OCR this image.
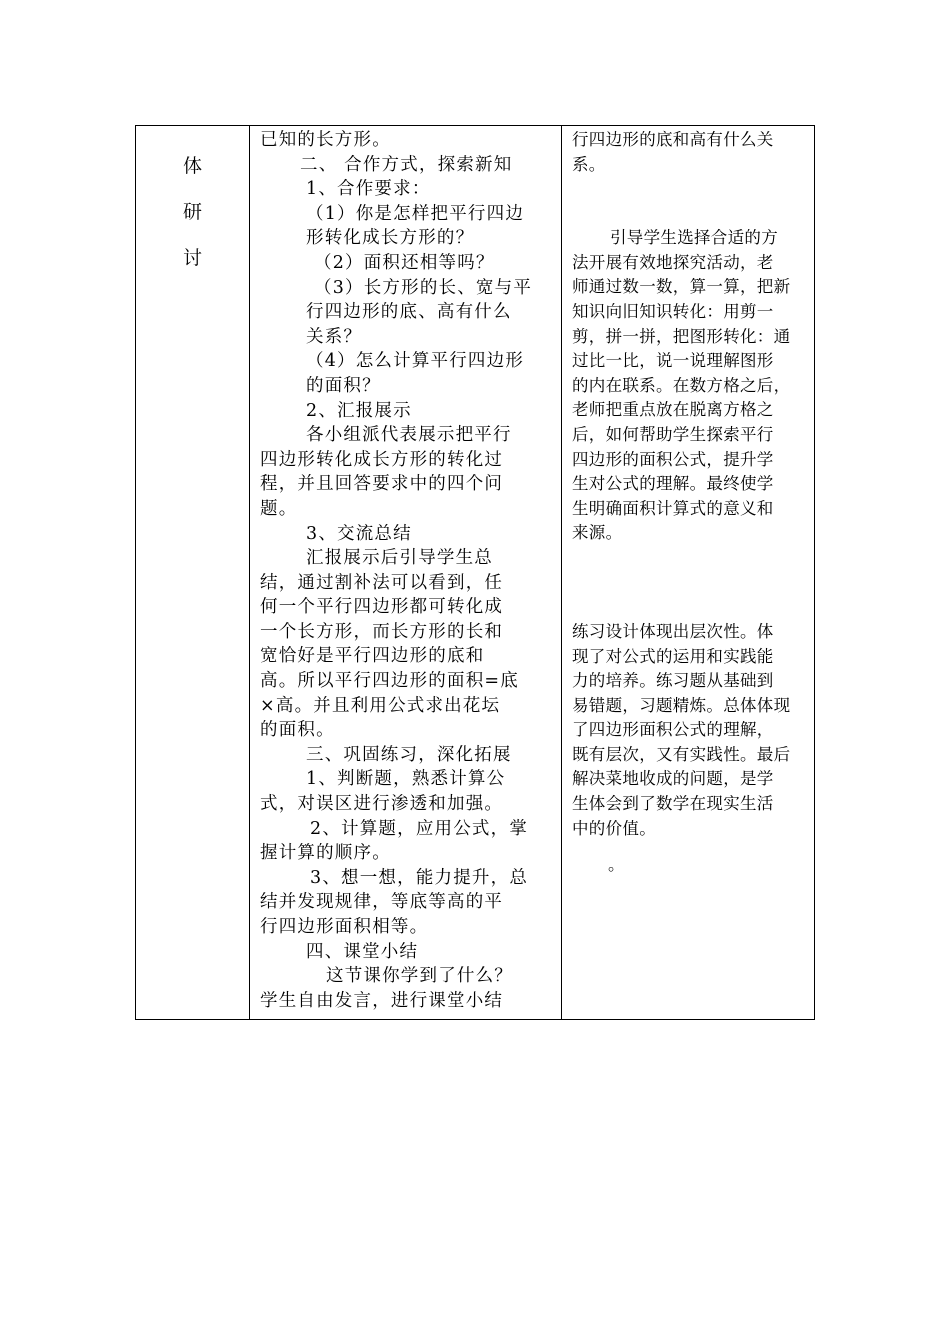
体
研
讨
已知的长方形。
二、 合作方式，探索新知
1、合作要求：
（1）你是怎样把平行四边
形转化成长方形的？
（2）面积还相等吗？
（3）长方形的长、宽与平
行四边形的底、高有什么
关系？
（4）怎么计算平行四边形
的面积？
2、汇报展示
各小组派代表展示把平行
四边形转化成长方形的转化过
程，并且回答要求中的四个问
题。
3、交流总结
汇报展示后引导学生总
结，通过割补法可以看到，任
何一个平行四边形都可转化成
一个长方形，而长方形的长和
宽恰好是平行四边形的底和
高。所以平行四边形的面积=底
×高。并且利用公式求出花坛
的面积。
三、巩固练习，深化拓展
1、判断题，熟悉计算公
式，对误区进行渗透和加强。
2、计算题，应用公式，掌
握计算的顺序。
3、想一想，能力提升，总
结并发现规律，等底等高的平
行四边形面积相等。
四、课堂小结
这节课你学到了什么？
学生自由发言，进行课堂小结
行四边形的底和高有什么关
系。
引导学生选择合适的方
法开展有效地探究活动，老
师通过数一数，算一算，把新
知识向旧知识转化：用剪一
剪，拼一拼，把图形转化：通
过比一比，说一说理解图形
的内在联系。在数方格之后，
老师把重点放在脱离方格之
后，如何帮助学生探索平行
四边形的面积公式，提升学
生对公式的理解。最终使学
生明确面积计算式的意义和
来源。
练习设计体现出层次性。体
现了对公式的运用和实践能
力的培养。练习题从基础到
易错题，习题精炼。总体体现
了四边形面积公式的理解，
既有层次，又有实践性。最后
解决菜地收成的问题，是学
生体会到了数学在现实生活
中的价值。
。
